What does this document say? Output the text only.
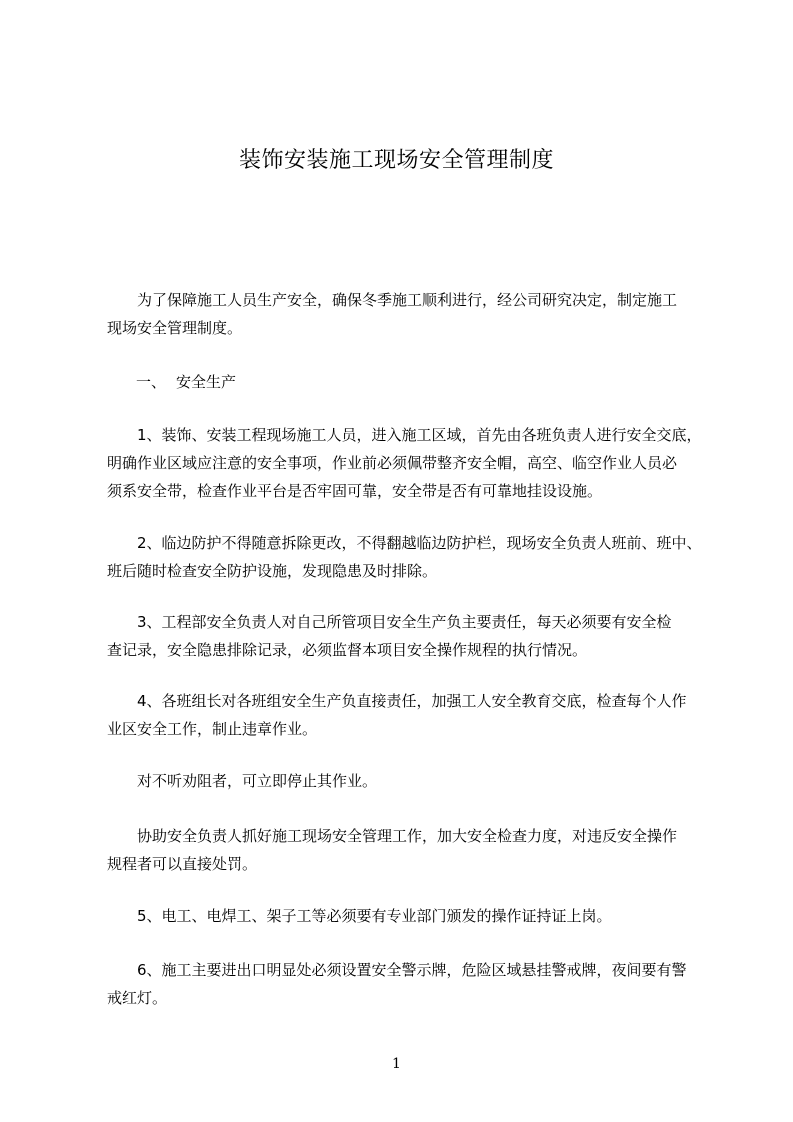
装饰安装施工现场安全管理制度
为了保障施工人员生产安全，确保冬季施工顺利进行，经公司研究决定，制定施工
现场安全管理制度。
一、 安全生产
1、装饰、安装工程现场施工人员，进入施工区域，首先由各班负责人进行安全交底，
明确作业区域应注意的安全事项，作业前必须佩带整齐安全帽，高空、临空作业人员必
须系安全带，检查作业平台是否牢固可靠，安全带是否有可靠地挂设设施。
2、临边防护不得随意拆除更改，不得翻越临边防护栏，现场安全负责人班前、班中、
班后随时检查安全防护设施，发现隐患及时排除。
3、工程部安全负责人对自己所管项目安全生产负主要责任，每天必须要有安全检
查记录，安全隐患排除记录，必须监督本项目安全操作规程的执行情况。
4、各班组长对各班组安全生产负直接责任，加强工人安全教育交底，检查每个人作
业区安全工作，制止违章作业。
对不听劝阻者，可立即停止其作业。
协助安全负责人抓好施工现场安全管理工作，加大安全检查力度，对违反安全操作
规程者可以直接处罚。
5、电工、电焊工、架子工等必须要有专业部门颁发的操作证持证上岗。
6、施工主要进出口明显处必须设置安全警示牌，危险区域悬挂警戒牌，夜间要有警
戒红灯。
1
